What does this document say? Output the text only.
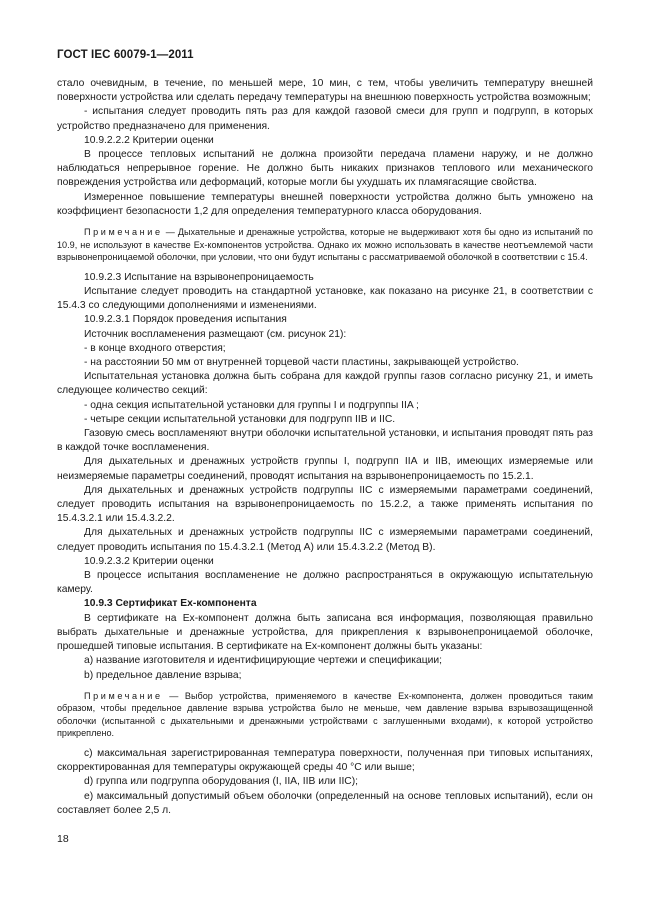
ГОСТ IEC 60079-1—2011

стало очевидным, в течение, по меньшей мере, 10 мин, с тем, чтобы увеличить температуру внешней поверхности устройства или сделать передачу температуры на внешнюю поверхность устройства возможным;

- испытания следует проводить пять раз для каждой газовой смеси для групп и подгрупп, в которых устройство предназначено для применения.

10.9.2.2.2 Критерии оценки

В процессе тепловых испытаний не должна произойти передача пламени наружу, и не должно наблюдаться непрерывное горение. Не должно быть никаких признаков теплового или механического повреждения устройства или деформаций, которые могли бы ухудшать их пламягасящие свойства.

Измеренное повышение температуры внешней поверхности устройства должно быть умножено на коэффициент безопасности 1,2 для определения температурного класса оборудования.

Примечание — Дыхательные и дренажные устройства, которые не выдерживают хотя бы одно из испытаний по 10.9, не используют в качестве Ex-компонентов устройства. Однако их можно использовать в качестве неотъемлемой части взрывонепроницаемой оболочки, при условии, что они будут испытаны с рассматриваемой оболочкой в соответствии с 15.4.

10.9.2.3 Испытание на взрывонепроницаемость

Испытание следует проводить на стандартной установке, как показано на рисунке 21, в соответствии с 15.4.3 со следующими дополнениями и изменениями.

10.9.2.3.1 Порядок проведения испытания

Источник воспламенения размещают (см. рисунок 21):

- в конце входного отверстия;

- на расстоянии 50 мм от внутренней торцевой части пластины, закрывающей устройство.

Испытательная установка должна быть собрана для каждой группы газов согласно рисунку 21, и иметь следующее количество секций:

- одна секция испытательной установки для группы I и подгруппы IIA ;

- четыре секции испытательной установки для подгрупп IIB и IIC.

Газовую смесь воспламеняют внутри оболочки испытательной установки, и испытания проводят пять раз в каждой точке воспламенения.

Для дыхательных и дренажных устройств группы I, подгрупп IIA и IIB, имеющих измеряемые или неизмеряемые параметры соединений, проводят испытания на взрывонепроницаемость по 15.2.1.

Для дыхательных и дренажных устройств подгруппы IIC с измеряемыми параметрами соединений, следует проводить испытания на взрывонепроницаемость по 15.2.2, а также применять испытания по 15.4.3.2.1 или 15.4.3.2.2.

Для дыхательных и дренажных устройств подгруппы IIC с измеряемыми параметрами соединений, следует проводить испытания по 15.4.3.2.1 (Метод А) или 15.4.3.2.2 (Метод В).

10.9.2.3.2 Критерии оценки

В процессе испытания воспламенение не должно распространяться в окружающую испытательную камеру.

10.9.3 Сертификат Ex-компонента

В сертификате на Ex-компонент должна быть записана вся информация, позволяющая правильно выбрать дыхательные и дренажные устройства, для прикрепления к взрывонепроницаемой оболочке, прошедшей типовые испытания. В сертификате на Ex-компонент должны быть указаны:

a) название изготовителя и идентифицирующие чертежи и спецификации;

b) предельное давление взрыва;

Примечание — Выбор устройства, применяемого в качестве Ex-компонента, должен проводиться таким образом, чтобы предельное давление взрыва устройства было не меньше, чем давление взрыва взрывозащищенной оболочки (испытанной с дыхательными и дренажными устройствами с заглушенными входами), к которой устройство прикреплено.

c) максимальная зарегистрированная температура поверхности, полученная при типовых испытаниях, скорректированная для температуры окружающей среды 40 °С или выше;

d) группа или подгруппа оборудования (I, IIA, IIB или IIC);

e) максимальный допустимый объем оболочки (определенный на основе тепловых испытаний), если он составляет более 2,5 л.

18
